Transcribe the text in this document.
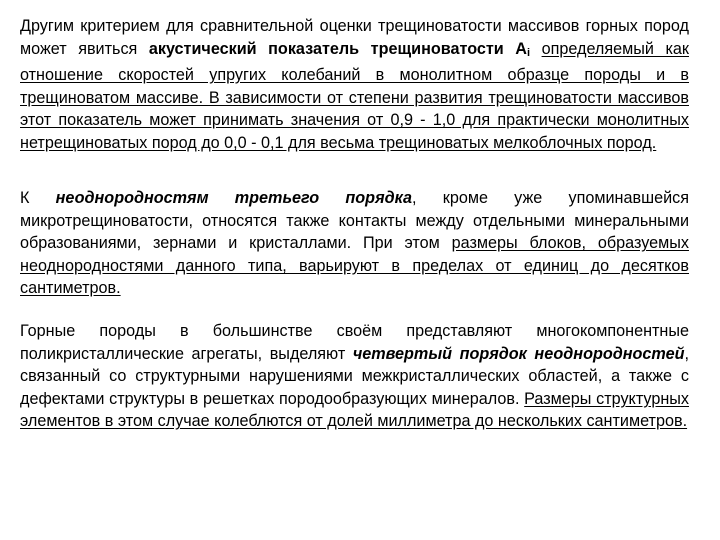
Другим критерием для сравнительной оценки трещиноватости массивов горных пород может явиться акустический показатель трещиноватости $А_i$ определяемый как отношение скоростей упругих колебаний в монолитном образце породы и в трещиноватом массиве. В зависимости от степени развития трещиноватости массивов этот показатель может принимать значения от 0,9 - 1,0 для практически монолитных нетрещиноватых пород до 0,0 - 0,1 для весьма трещиноватых мелкоблочных пород.

К неоднородностям третьего порядка, кроме уже упоминавшейся микротрещиноватости, относятся также контакты между отдельными минеральными образованиями, зернами и кристаллами. При этом размеры блоков, образуемых неоднородностями данного типа, варьируют в пределах от единиц до десятков сантиметров.

Горные породы в большинстве своём представляют многокомпонентные поликристаллические агрегаты, выделяют четвертый порядок неоднородностей, связанный со структурными нарушениями межкристаллических областей, а также с дефектами структуры в решетках породообразующих минералов. Размеры структурных элементов в этом случае колеблются от долей миллиметра до нескольких сантиметров.
